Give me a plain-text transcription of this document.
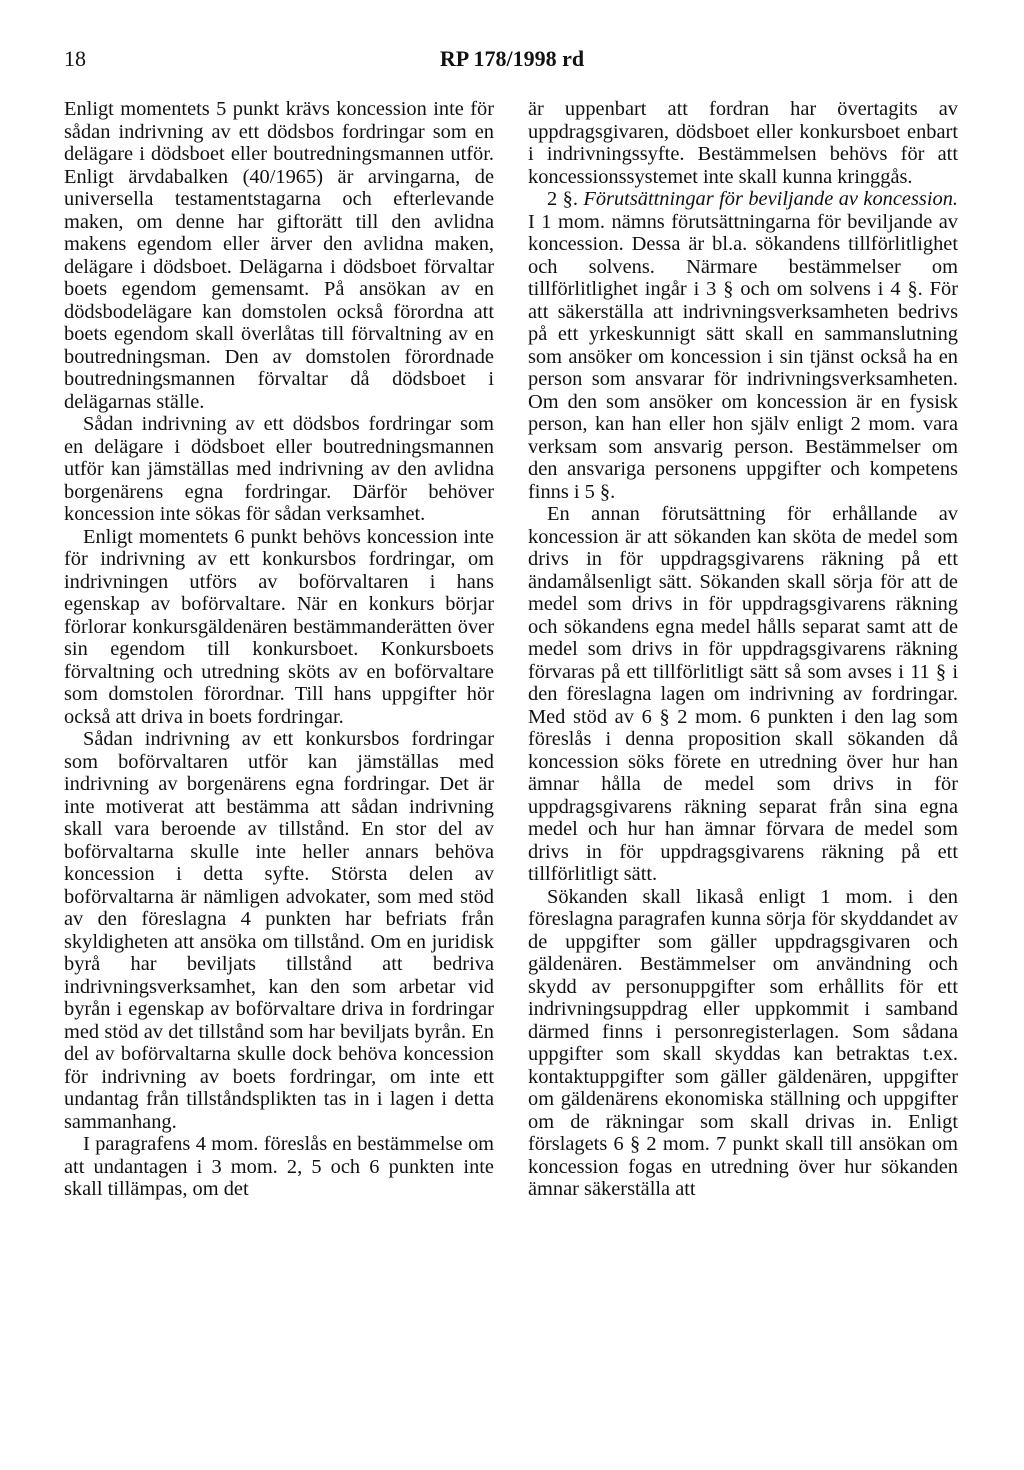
18	RP 178/1998 rd

Enligt momentets 5 punkt krävs koncession inte för sådan indrivning av ett dödsbos fordringar som en delägare i dödsboet eller boutredningsmannen utför. Enligt ärvdabalken (40/1965) är arvingarna, de universella testamentstagarna och efterlevande maken, om denne har giftorätt till den avlidna makens egendom eller ärver den avlidna maken, delägare i dödsboet. Delägarna i dödsboet förvaltar boets egendom gemensamt. På ansökan av en dödsbodelägare kan domstolen också förordna att boets egendom skall överlåtas till förvaltning av en boutredningsman. Den av domstolen förordnade boutredningsmannen förvaltar då dödsboet i delägarnas ställe.

Sådan indrivning av ett dödsbos fordringar som en delägare i dödsboet eller boutredningsmannen utför kan jämställas med indrivning av den avlidna borgenärens egna fordringar. Därför behöver koncession inte sökas för sådan verksamhet.

Enligt momentets 6 punkt behövs koncession inte för indrivning av ett konkursbos fordringar, om indrivningen utförs av boförvaltaren i hans egenskap av boförvaltare. När en konkurs börjar förlorar konkursgäldenären bestämmanderätten över sin egendom till konkursboet. Konkursboets förvaltning och utredning sköts av en boförvaltare som domstolen förordnar. Till hans uppgifter hör också att driva in boets fordringar.

Sådan indrivning av ett konkursbos fordringar som boförvaltaren utför kan jämställas med indrivning av borgenärens egna fordringar. Det är inte motiverat att bestämma att sådan indrivning skall vara beroende av tillstånd. En stor del av boförvaltarna skulle inte heller annars behöva koncession i detta syfte. Största delen av boförvaltarna är nämligen advokater, som med stöd av den föreslagna 4 punkten har befriats från skyldigheten att ansöka om tillstånd. Om en juridisk byrå har beviljats tillstånd att bedriva indrivningsverksamhet, kan den som arbetar vid byrån i egenskap av boförvaltare driva in fordringar med stöd av det tillstånd som har beviljats byrån. En del av boförvaltarna skulle dock behöva koncession för indrivning av boets fordringar, om inte ett undantag från tillståndsplikten tas in i lagen i detta sammanhang.

I paragrafens 4 mom. föreslås en bestämmelse om att undantagen i 3 mom. 2, 5 och 6 punkten inte skall tillämpas, om det

är uppenbart att fordran har övertagits av uppdragsgivaren, dödsboet eller konkursboet enbart i indrivningssyfte. Bestämmelsen behövs för att koncessionssystemet inte skall kunna kringgås.

2 §. Förutsättningar för beviljande av koncession. I 1 mom. nämns förutsättningarna för beviljande av koncession. Dessa är bl.a. sökandens tillförlitlighet och solvens. Närmare bestämmelser om tillförlitlighet ingår i 3 § och om solvens i 4 §. För att säkerställa att indrivningsverksamheten bedrivs på ett yrkeskunnigt sätt skall en sammanslutning som ansöker om koncession i sin tjänst också ha en person som ansvarar för indrivningsverksamheten. Om den som ansöker om koncession är en fysisk person, kan han eller hon själv enligt 2 mom. vara verksam som ansvarig person. Bestämmelser om den ansvariga personens uppgifter och kompetens finns i 5 §.

En annan förutsättning för erhållande av koncession är att sökanden kan sköta de medel som drivs in för uppdragsgivarens räkning på ett ändamålsenligt sätt. Sökanden skall sörja för att de medel som drivs in för uppdragsgivarens räkning och sökandens egna medel hålls separat samt att de medel som drivs in för uppdragsgivarens räkning förvaras på ett tillförlitligt sätt så som avses i 11 § i den föreslagna lagen om indrivning av fordringar. Med stöd av 6 § 2 mom. 6 punkten i den lag som föreslås i denna proposition skall sökanden då koncession söks förete en utredning över hur han ämnar hålla de medel som drivs in för uppdragsgivarens räkning separat från sina egna medel och hur han ämnar förvara de medel som drivs in för uppdragsgivarens räkning på ett tillförlitligt sätt.

Sökanden skall likaså enligt 1 mom. i den föreslagna paragrafen kunna sörja för skyddandet av de uppgifter som gäller uppdragsgivaren och gäldenären. Bestämmelser om användning och skydd av personuppgifter som erhållits för ett indrivningsuppdrag eller uppkommit i samband därmed finns i personregisterlagen. Som sådana uppgifter som skall skyddas kan betraktas t.ex. kontaktuppgifter som gäller gäldenären, uppgifter om gäldenärens ekonomiska ställning och uppgifter om de räkningar som skall drivas in. Enligt förslagets 6 § 2 mom. 7 punkt skall till ansökan om koncession fogas en utredning över hur sökanden ämnar säkerställa att
